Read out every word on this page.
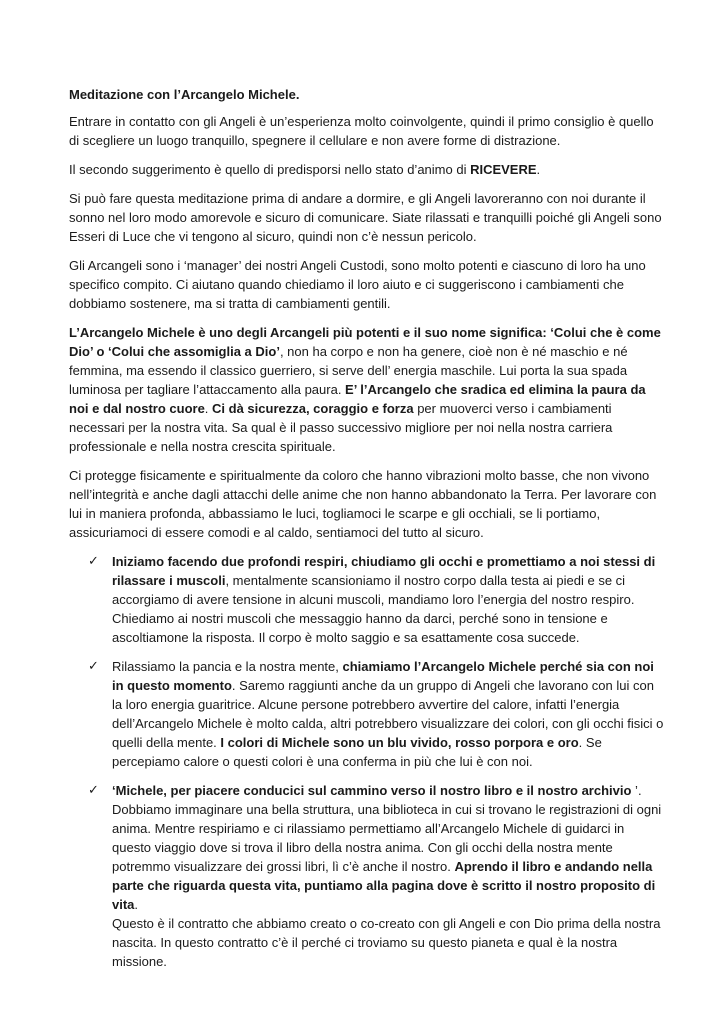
Meditazione con l’Arcangelo Michele.

Entrare in contatto con gli Angeli è un’esperienza molto coinvolgente, quindi il primo consiglio è quello di scegliere un luogo tranquillo, spegnere il cellulare e non avere forme di distrazione.

Il secondo suggerimento è quello di predisporsi nello stato d’animo di RICEVERE.

Si può fare questa meditazione prima di andare a dormire, e gli Angeli lavoreranno con noi durante il sonno nel loro modo amorevole e sicuro di comunicare. Siate rilassati e tranquilli poiché gli Angeli sono Esseri di Luce che vi tengono al sicuro, quindi non c’è nessun pericolo.

Gli Arcangeli sono i ‘manager’ dei nostri Angeli Custodi, sono molto potenti e ciascuno di loro ha uno specifico compito. Ci aiutano quando chiediamo il loro aiuto e ci suggeriscono i cambiamenti che dobbiamo sostenere, ma si tratta di cambiamenti gentili.

L’Arcangelo Michele è uno degli Arcangeli più potenti e il suo nome significa: ‘Colui che è come Dio’ o ‘Colui che assomiglia a Dio’, non ha corpo e non ha genere, cioè non è né maschio e né femmina, ma essendo il classico guerriero, si serve dell’ energia maschile. Lui porta la sua spada luminosa per tagliare l’attaccamento alla paura. E’ l’Arcangelo che sradica ed elimina la paura da noi e dal nostro cuore. Ci dà sicurezza, coraggio e forza per muoverci verso i cambiamenti necessari per la nostra vita. Sa qual è il passo successivo migliore per noi nella nostra carriera professionale e nella nostra crescita spirituale.

Ci protegge fisicamente e spiritualmente da coloro che hanno vibrazioni molto basse, che non vivono nell’integrità e anche dagli attacchi delle anime che non hanno abbandonato la Terra. Per lavorare con lui in maniera profonda, abbassiamo le luci, togliamoci le scarpe e gli occhiali, se li portiamo, assicuriamoci di essere comodi e al caldo, sentiamoci del tutto al sicuro.

✓ Iniziamo facendo due profondi respiri, chiudiamo gli occhi e promettiamo a noi stessi di rilassare i muscoli, mentalmente scansioniamo il nostro corpo dalla testa ai piedi e se ci accorgiamo di avere tensione in alcuni muscoli, mandiamo loro l’energia del nostro respiro. Chiediamo ai nostri muscoli che messaggio hanno da darci, perché sono in tensione e ascoltiamone la risposta. Il corpo è molto saggio e sa esattamente cosa succede.
✓ Rilassiamo la pancia e la nostra mente, chiamiamo l’Arcangelo Michele perché sia con noi in questo momento. Saremo raggiunti anche da un gruppo di Angeli che lavorano con lui con la loro energia guaritrice. Alcune persone potrebbero avvertire del calore, infatti l’energia dell’Arcangelo Michele è molto calda, altri potrebbero visualizzare dei colori, con gli occhi fisici o quelli della mente. I colori di Michele sono un blu vivido, rosso porpora e oro. Se percepiamo calore o questi colori è una conferma in più che lui è con noi.
✓ ‘Michele, per piacere conducici sul cammino verso il nostro libro e il nostro archivio ’. Dobbiamo immaginare una bella struttura, una biblioteca in cui si trovano le registrazioni di ogni anima. Mentre respiriamo e ci rilassiamo permettiamo all’Arcangelo Michele di guidarci in questo viaggio dove si trova il libro della nostra anima. Con gli occhi della nostra mente potremmo visualizzare dei grossi libri, lì c’è anche il nostro. Aprendo il libro e andando nella parte che riguarda questa vita, puntiamo alla pagina dove è scritto il nostro proposito di vita.
Questo è il contratto che abbiamo creato o co-creato con gli Angeli e con Dio prima della nostra nascita. In questo contratto c’è il perché ci troviamo su questo pianeta e qual è la nostra missione.
